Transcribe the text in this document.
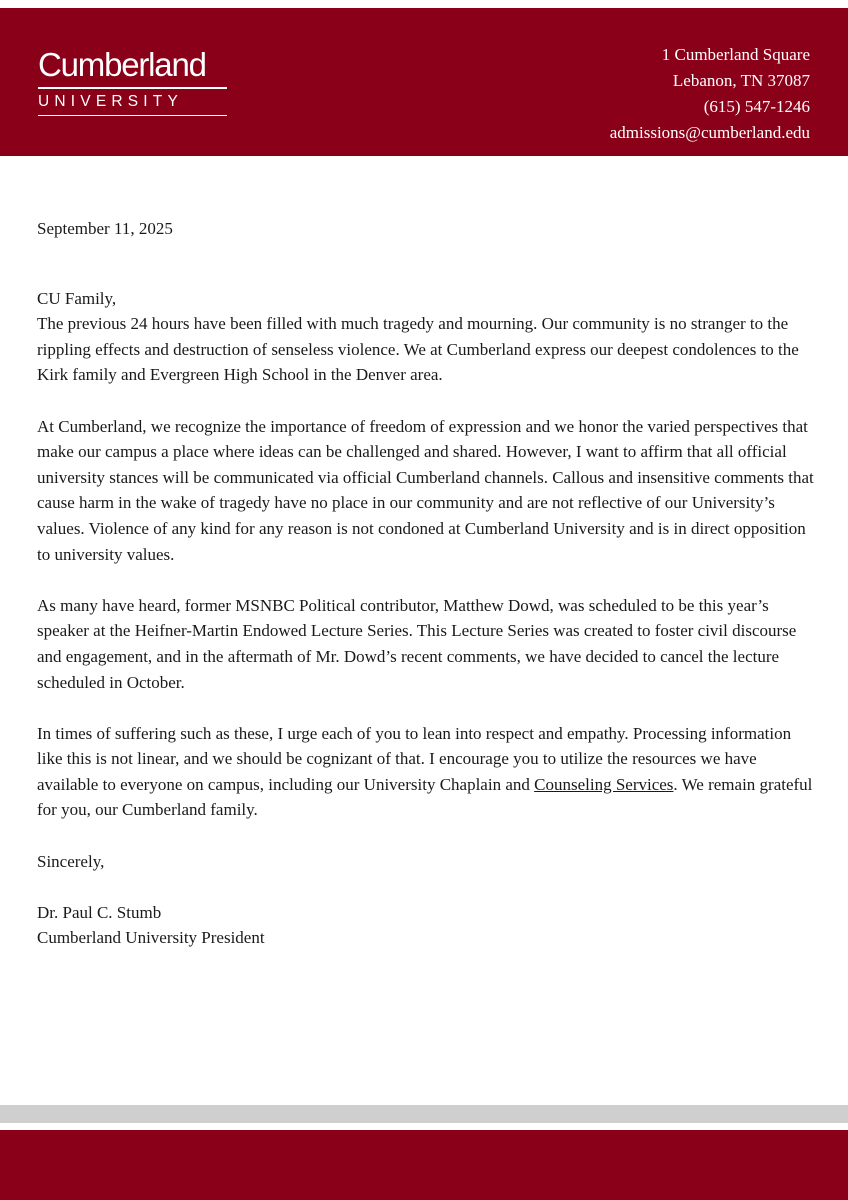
Cumberland
UNIVERSITY
1 Cumberland Square
Lebanon, TN 37087
(615) 547-1246
admissions@cumberland.edu

September 11, 2025

CU Family,

The previous 24 hours have been filled with much tragedy and mourning. Our community is no stranger to the rippling effects and destruction of senseless violence. We at Cumberland express our deepest condolences to the Kirk family and Evergreen High School in the Denver area.

At Cumberland, we recognize the importance of freedom of expression and we honor the varied perspectives that make our campus a place where ideas can be challenged and shared. However, I want to affirm that all official university stances will be communicated via official Cumberland channels. Callous and insensitive comments that cause harm in the wake of tragedy have no place in our community and are not reflective of our University’s values. Violence of any kind for any reason is not condoned at Cumberland University and is in direct opposition to university values.

As many have heard, former MSNBC Political contributor, Matthew Dowd, was scheduled to be this year’s speaker at the Heifner-Martin Endowed Lecture Series. This Lecture Series was created to foster civil discourse and engagement, and in the aftermath of Mr. Dowd’s recent comments, we have decided to cancel the lecture scheduled in October.

In times of suffering such as these, I urge each of you to lean into respect and empathy. Processing information like this is not linear, and we should be cognizant of that. I encourage you to utilize the resources we have available to everyone on campus, including our University Chaplain and Counseling Services. We remain grateful for you, our Cumberland family.

Sincerely,

Dr. Paul C. Stumb

Cumberland University President
